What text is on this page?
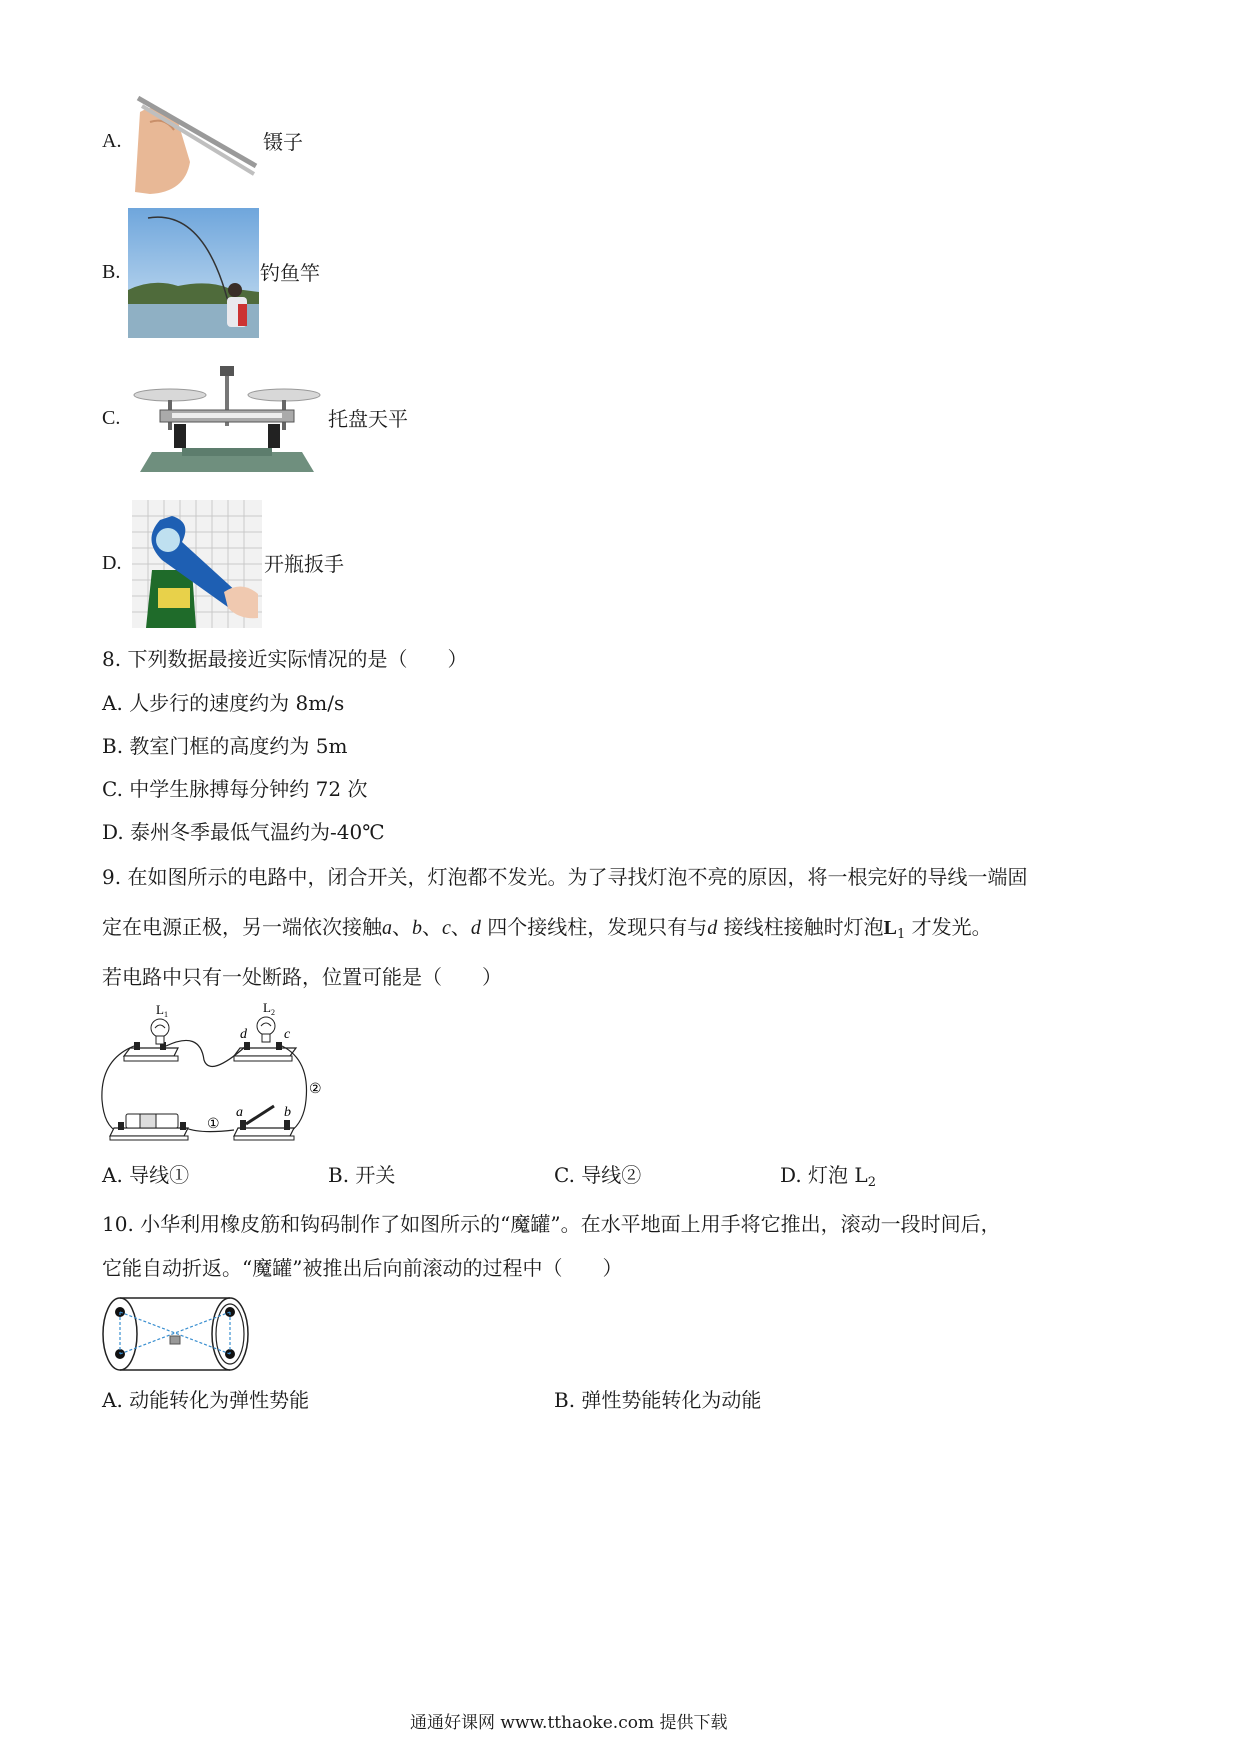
A.	镊子
B.	钓鱼竿
C.	托盘天平
D.	开瓶扳手
8. 下列数据最接近实际情况的是（　　）
A. 人步行的速度约为 8m/s
B. 教室门框的高度约为 5m
C. 中学生脉搏每分钟约 72 次
D. 泰州冬季最低气温约为-40℃
9. 在如图所示的电路中，闭合开关，灯泡都不发光。为了寻找灯泡不亮的原因，将一根完好的导线一端固
定在电源正极，另一端依次接触a、b、c、d 四个接线柱，发现只有与d 接线柱接触时灯泡$L_1$ 才发光。
若电路中只有一处断路，位置可能是（　　）
L 1	L 2
d	c
②
①
a	b
A. 导线①	B. 开关	C. 导线②	D. 灯泡 $L_2$
10. 小华利用橡皮筋和钩码制作了如图所示的“魔罐”。在水平地面上用手将它推出，滚动一段时间后，
它能自动折返。“魔罐”被推出后向前滚动的过程中（　　）
A. 动能转化为弹性势能	B. 弹性势能转化为动能
通通好课网 www.tthaoke.com 提供下载
